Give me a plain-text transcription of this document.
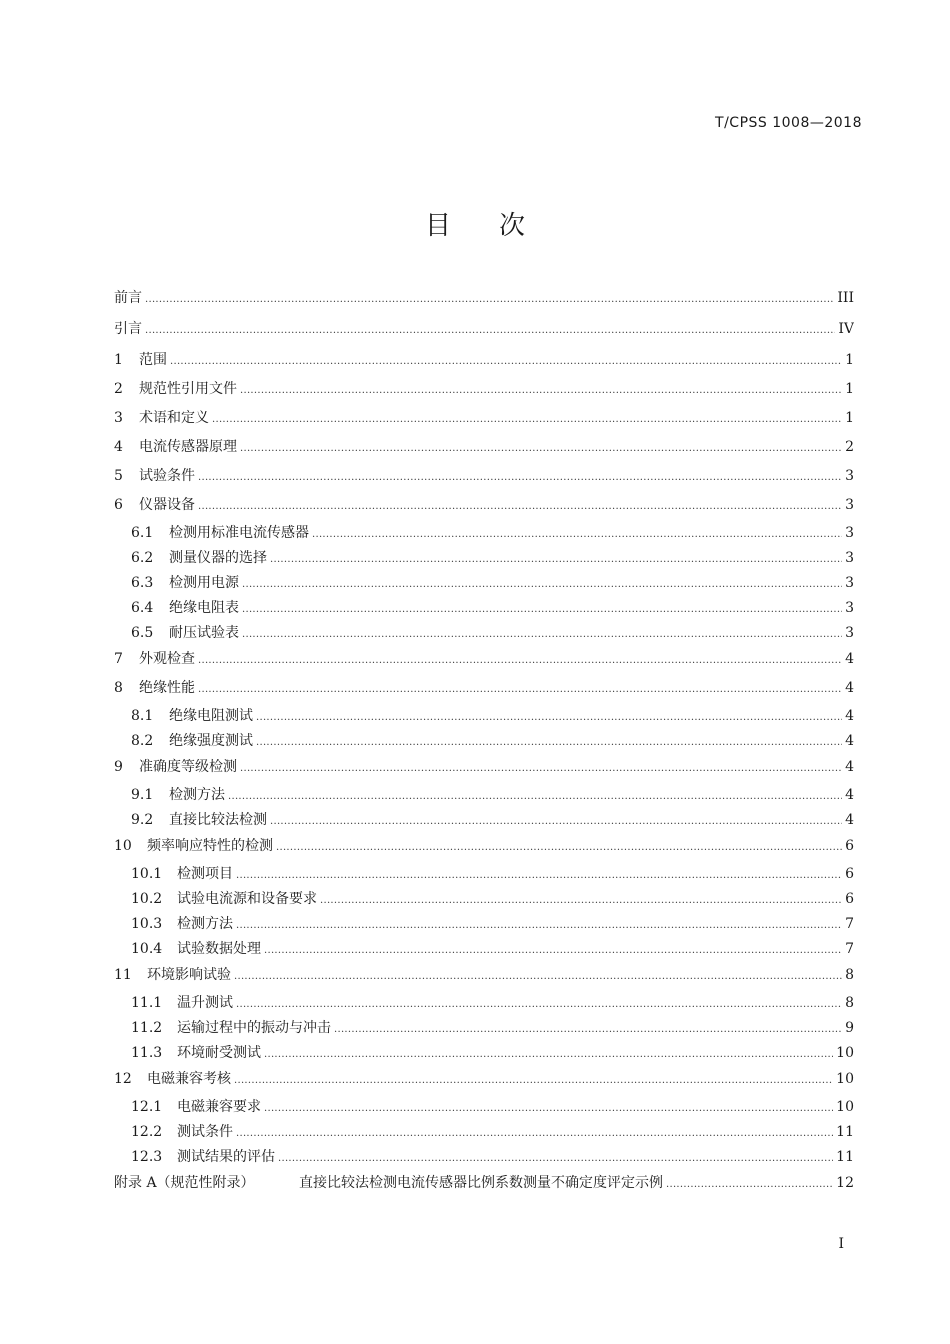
T/CPSS 1008—2018
目 次
前言 .....	III
引言 .....	IV
1	范围 .....	1
2	规范性引用文件 .....	1
3	术语和定义 .....	1
4	电流传感器原理 .....	2
5	试验条件 .....	3
6	仪器设备 .....	3
6.1	检测用标准电流传感器 .....	3
6.2	测量仪器的选择 .....	3
6.3	检测用电源 .....	3
6.4	绝缘电阻表 .....	3
6.5	耐压试验表 .....	3
7	外观检查 .....	4
8	绝缘性能 .....	4
8.1	绝缘电阻测试 .....	4
8.2	绝缘强度测试 .....	4
9	准确度等级检测 .....	4
9.1	检测方法 .....	4
9.2	直接比较法检测 .....	4
10	频率响应特性的检测 .....	6
10.1	检测项目 .....	6
10.2	试验电流源和设备要求 .....	6
10.3	检测方法 .....	7
10.4	试验数据处理 .....	7
11	环境影响试验 .....	8
11.1	温升测试 .....	8
11.2	运输过程中的振动与冲击 .....	9
11.3	环境耐受测试 .....	10
12	电磁兼容考核 .....	10
12.1	电磁兼容要求 .....	10
12.2	测试条件 .....	11
12.3	测试结果的评估 .....	11
附录 A（规范性附录）	直接比较法检测电流传感器比例系数测量不确定度评定示例 .....	12
I
